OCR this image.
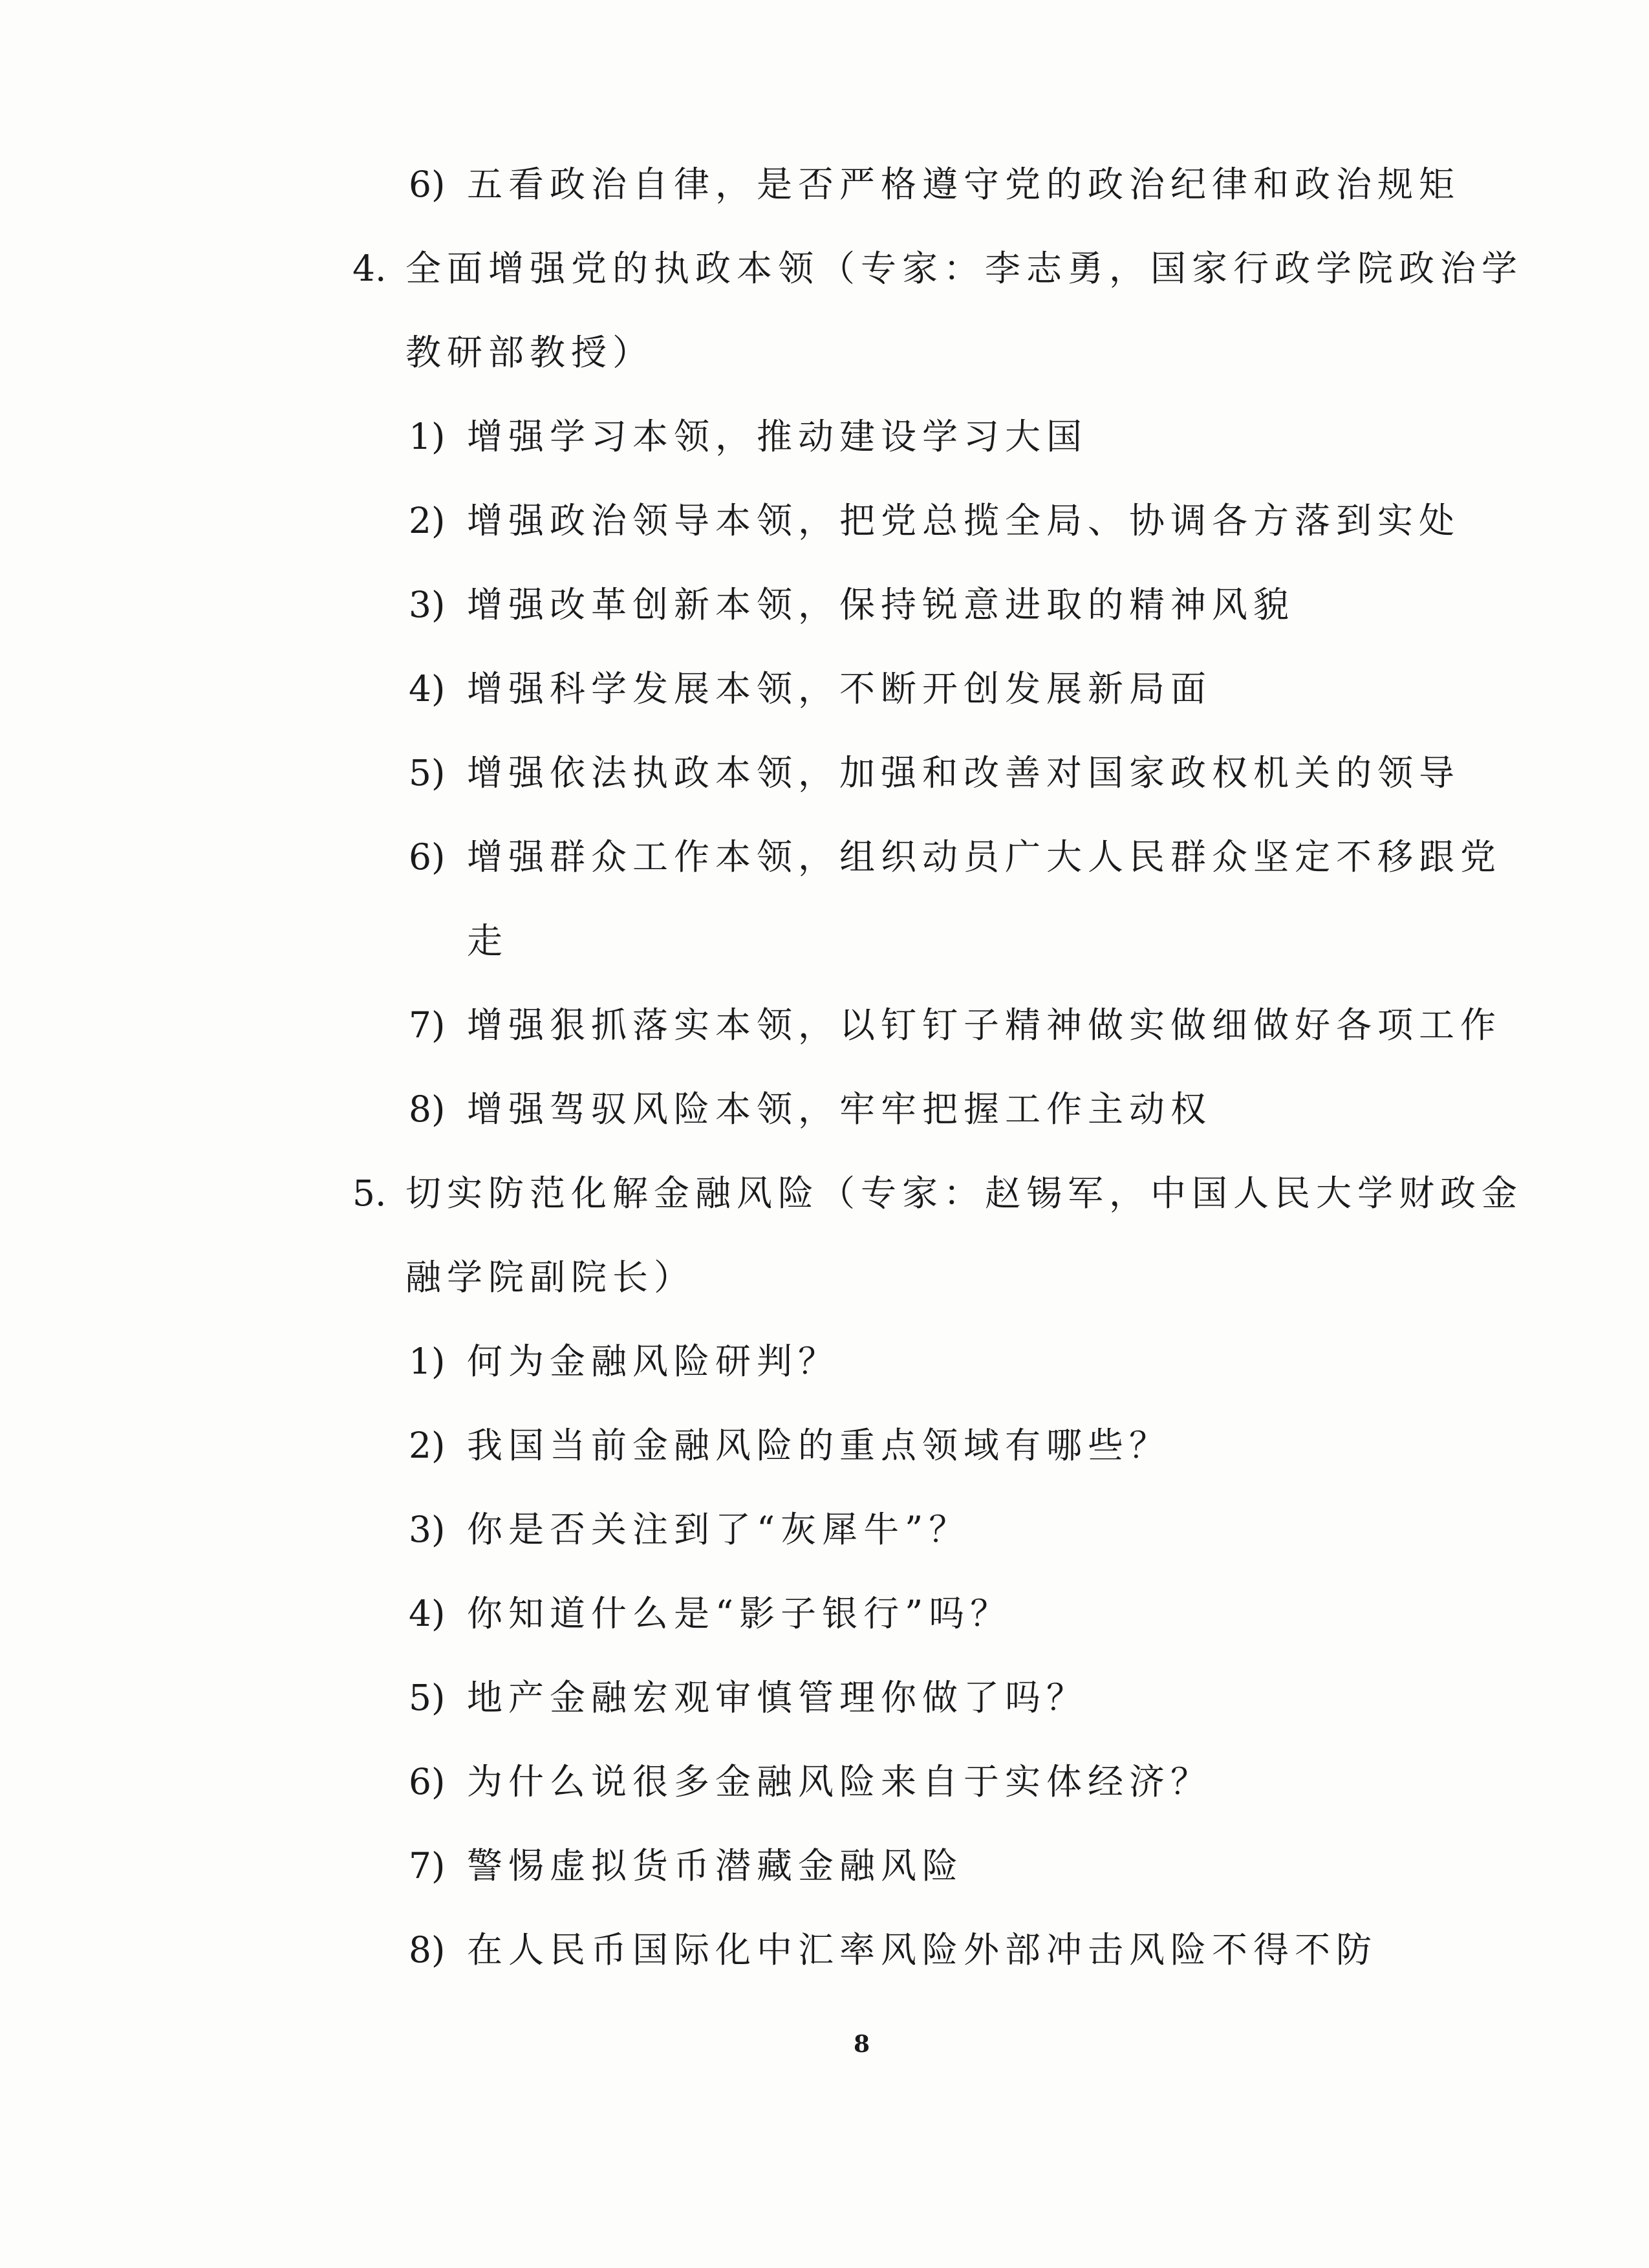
6) 五看政治自律，是否严格遵守党的政治纪律和政治规矩
4. 全面增强党的执政本领（专家：李志勇，国家行政学院政治学
教研部教授）
1) 增强学习本领，推动建设学习大国
2) 增强政治领导本领，把党总揽全局、协调各方落到实处
3) 增强改革创新本领，保持锐意进取的精神风貌
4) 增强科学发展本领，不断开创发展新局面
5) 增强依法执政本领，加强和改善对国家政权机关的领导
6) 增强群众工作本领，组织动员广大人民群众坚定不移跟党
走
7) 增强狠抓落实本领，以钉钉子精神做实做细做好各项工作
8) 增强驾驭风险本领，牢牢把握工作主动权
5. 切实防范化解金融风险（专家：赵锡军，中国人民大学财政金
融学院副院长）
1) 何为金融风险研判？
2) 我国当前金融风险的重点领域有哪些？
3) 你是否关注到了“灰犀牛”？
4) 你知道什么是“影子银行”吗？
5) 地产金融宏观审慎管理你做了吗？
6) 为什么说很多金融风险来自于实体经济？
7) 警惕虚拟货币潜藏金融风险
8) 在人民币国际化中汇率风险外部冲击风险不得不防
8
